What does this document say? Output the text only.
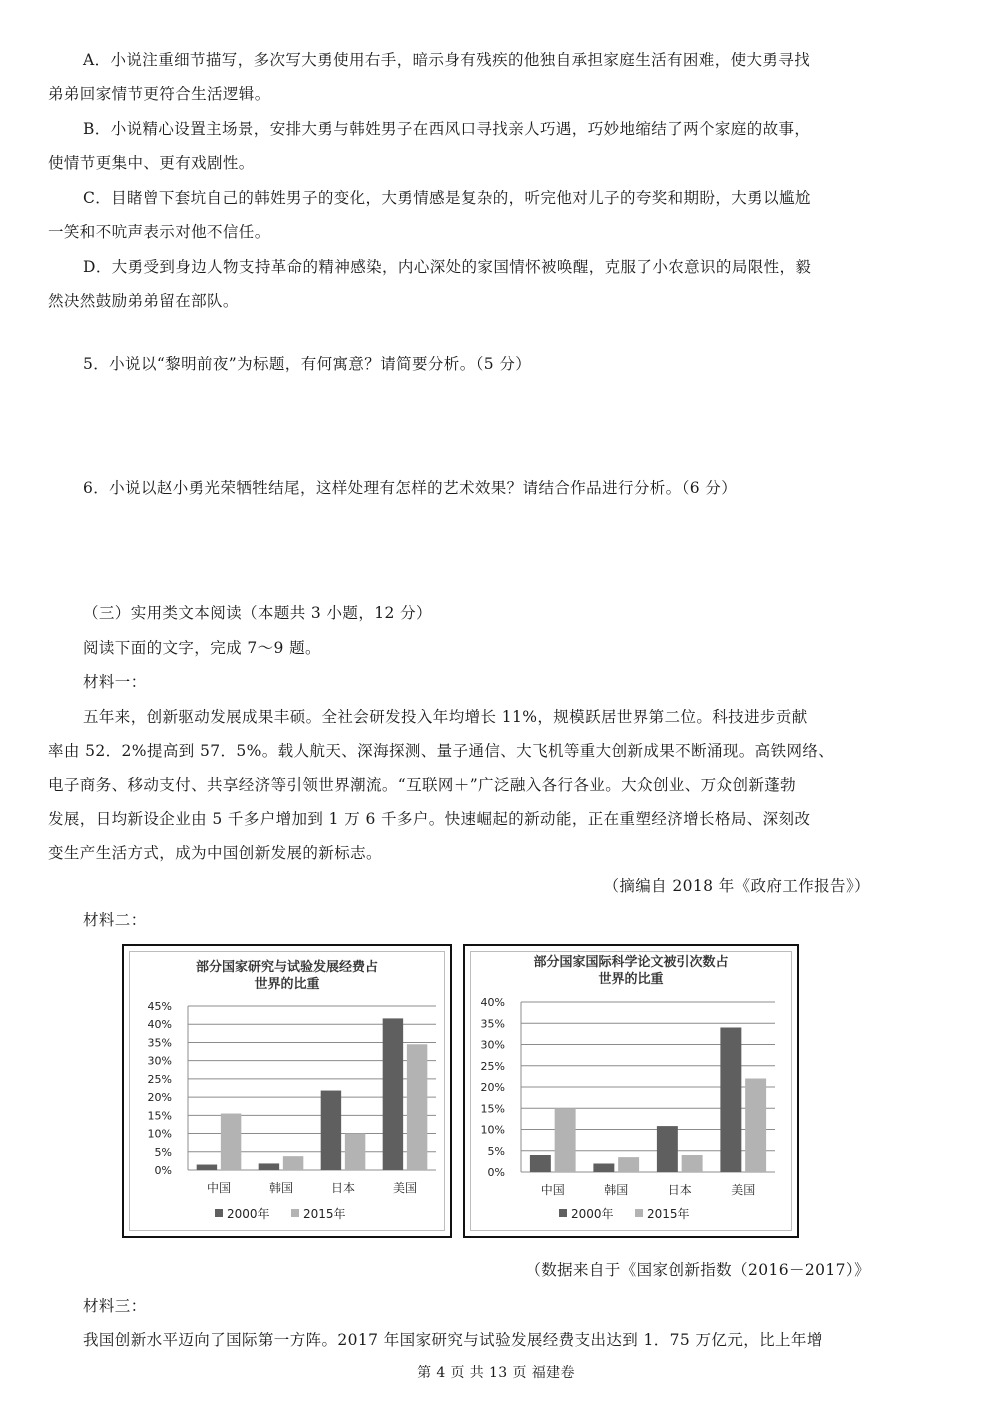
A．小说注重细节描写，多次写大勇使用右手，暗示身有残疾的他独自承担家庭生活有困难，使大勇寻找
弟弟回家情节更符合生活逻辑。
B．小说精心设置主场景，安排大勇与韩姓男子在西风口寻找亲人巧遇，巧妙地缩结了两个家庭的故事，
使情节更集中、更有戏剧性。
C．目睹曾下套坑自己的韩姓男子的变化，大勇情感是复杂的，听完他对儿子的夸奖和期盼，大勇以尴尬
一笑和不吭声表示对他不信任。
D．大勇受到身边人物支持革命的精神感染，内心深处的家国情怀被唤醒，克服了小农意识的局限性，毅
然决然鼓励弟弟留在部队。
5．小说以“黎明前夜”为标题，有何寓意？请简要分析。（5 分）
6．小说以赵小勇光荣牺牲结尾，这样处理有怎样的艺术效果？请结合作品进行分析。（6 分）
（三）实用类文本阅读（本题共 3 小题，12 分）
阅读下面的文字，完成 7～9 题。
材料一：
五年来，创新驱动发展成果丰硕。全社会研发投入年均增长 11%，规模跃居世界第二位。科技进步贡献
率由 52．2%提高到 57．5%。载人航天、深海探测、量子通信、大飞机等重大创新成果不断涌现。高铁网络、
电子商务、移动支付、共享经济等引领世界潮流。“互联网＋”广泛融入各行各业。大众创业、万众创新蓬勃
发展，日均新设企业由 5 千多户增加到 1 万 6 千多户。快速崛起的新动能，正在重塑经济增长格局、深刻改
变生产生活方式，成为中国创新发展的新标志。
（摘编自 2018 年《政府工作报告》）
材料二：
部分国家研究与试验发展经费占
世界的比重
0%
5%
10%
15%
20%
25%
30%
35%
40%
45%
中国	韩国	日本	美国
2000年	2015年
部分国家国际科学论文被引次数占
世界的比重
0%
5%
10%
15%
20%
25%
30%
35%
40%
中国	韩国	日本	美国
2000年	2015年
（数据来自于《国家创新指数（2016－2017）》
材料三：
我国创新水平迈向了国际第一方阵。2017 年国家研究与试验发展经费支出达到 1．75 万亿元，比上年增
第 4 页 共 13 页 福建卷
